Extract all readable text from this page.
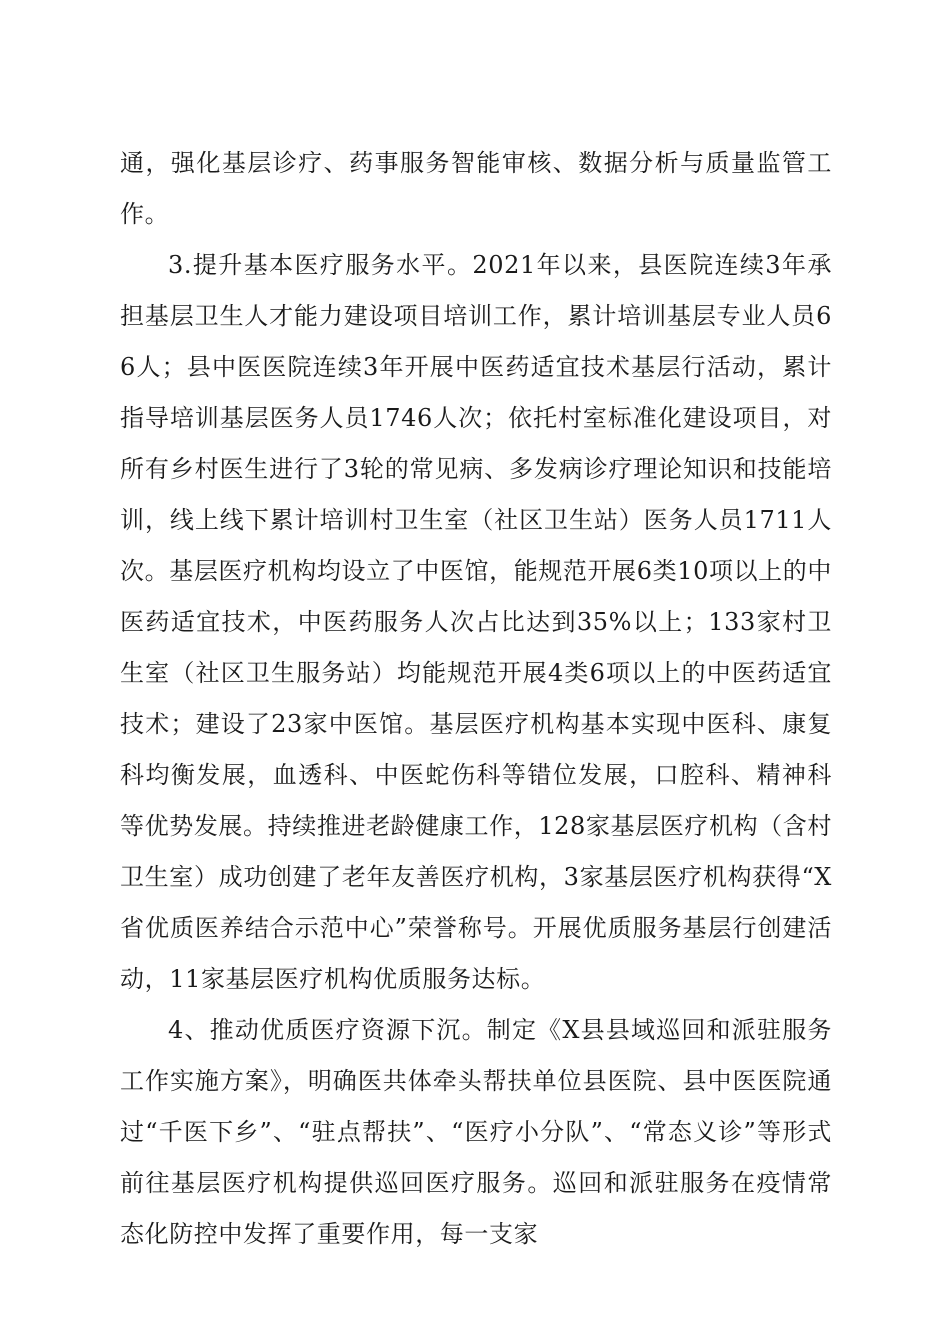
通，强化基层诊疗、药事服务智能审核、数据分析与质量监管工作。

3.提升基本医疗服务水平。2021年以来，县医院连续3年承担基层卫生人才能力建设项目培训工作，累计培训基层专业人员66人；县中医医院连续3年开展中医药适宜技术基层行活动，累计指导培训基层医务人员1746人次；依托村室标准化建设项目，对所有乡村医生进行了3轮的常见病、多发病诊疗理论知识和技能培训，线上线下累计培训村卫生室（社区卫生站）医务人员1711人次。基层医疗机构均设立了中医馆，能规范开展6类10项以上的中医药适宜技术，中医药服务人次占比达到35%以上；133家村卫生室（社区卫生服务站）均能规范开展4类6项以上的中医药适宜技术；建设了23家中医馆。基层医疗机构基本实现中医科、康复科均衡发展，血透科、中医蛇伤科等错位发展，口腔科、精神科等优势发展。持续推进老龄健康工作，128家基层医疗机构（含村卫生室）成功创建了老年友善医疗机构，3家基层医疗机构获得“X省优质医养结合示范中心”荣誉称号。开展优质服务基层行创建活动，11家基层医疗机构优质服务达标。

4、推动优质医疗资源下沉。制定《X县县域巡回和派驻服务工作实施方案》，明确医共体牵头帮扶单位县医院、县中医医院通过“千医下乡”、“驻点帮扶”、“医疗小分队”、“常态义诊”等形式前往基层医疗机构提供巡回医疗服务。巡回和派驻服务在疫情常态化防控中发挥了重要作用，每一支家
